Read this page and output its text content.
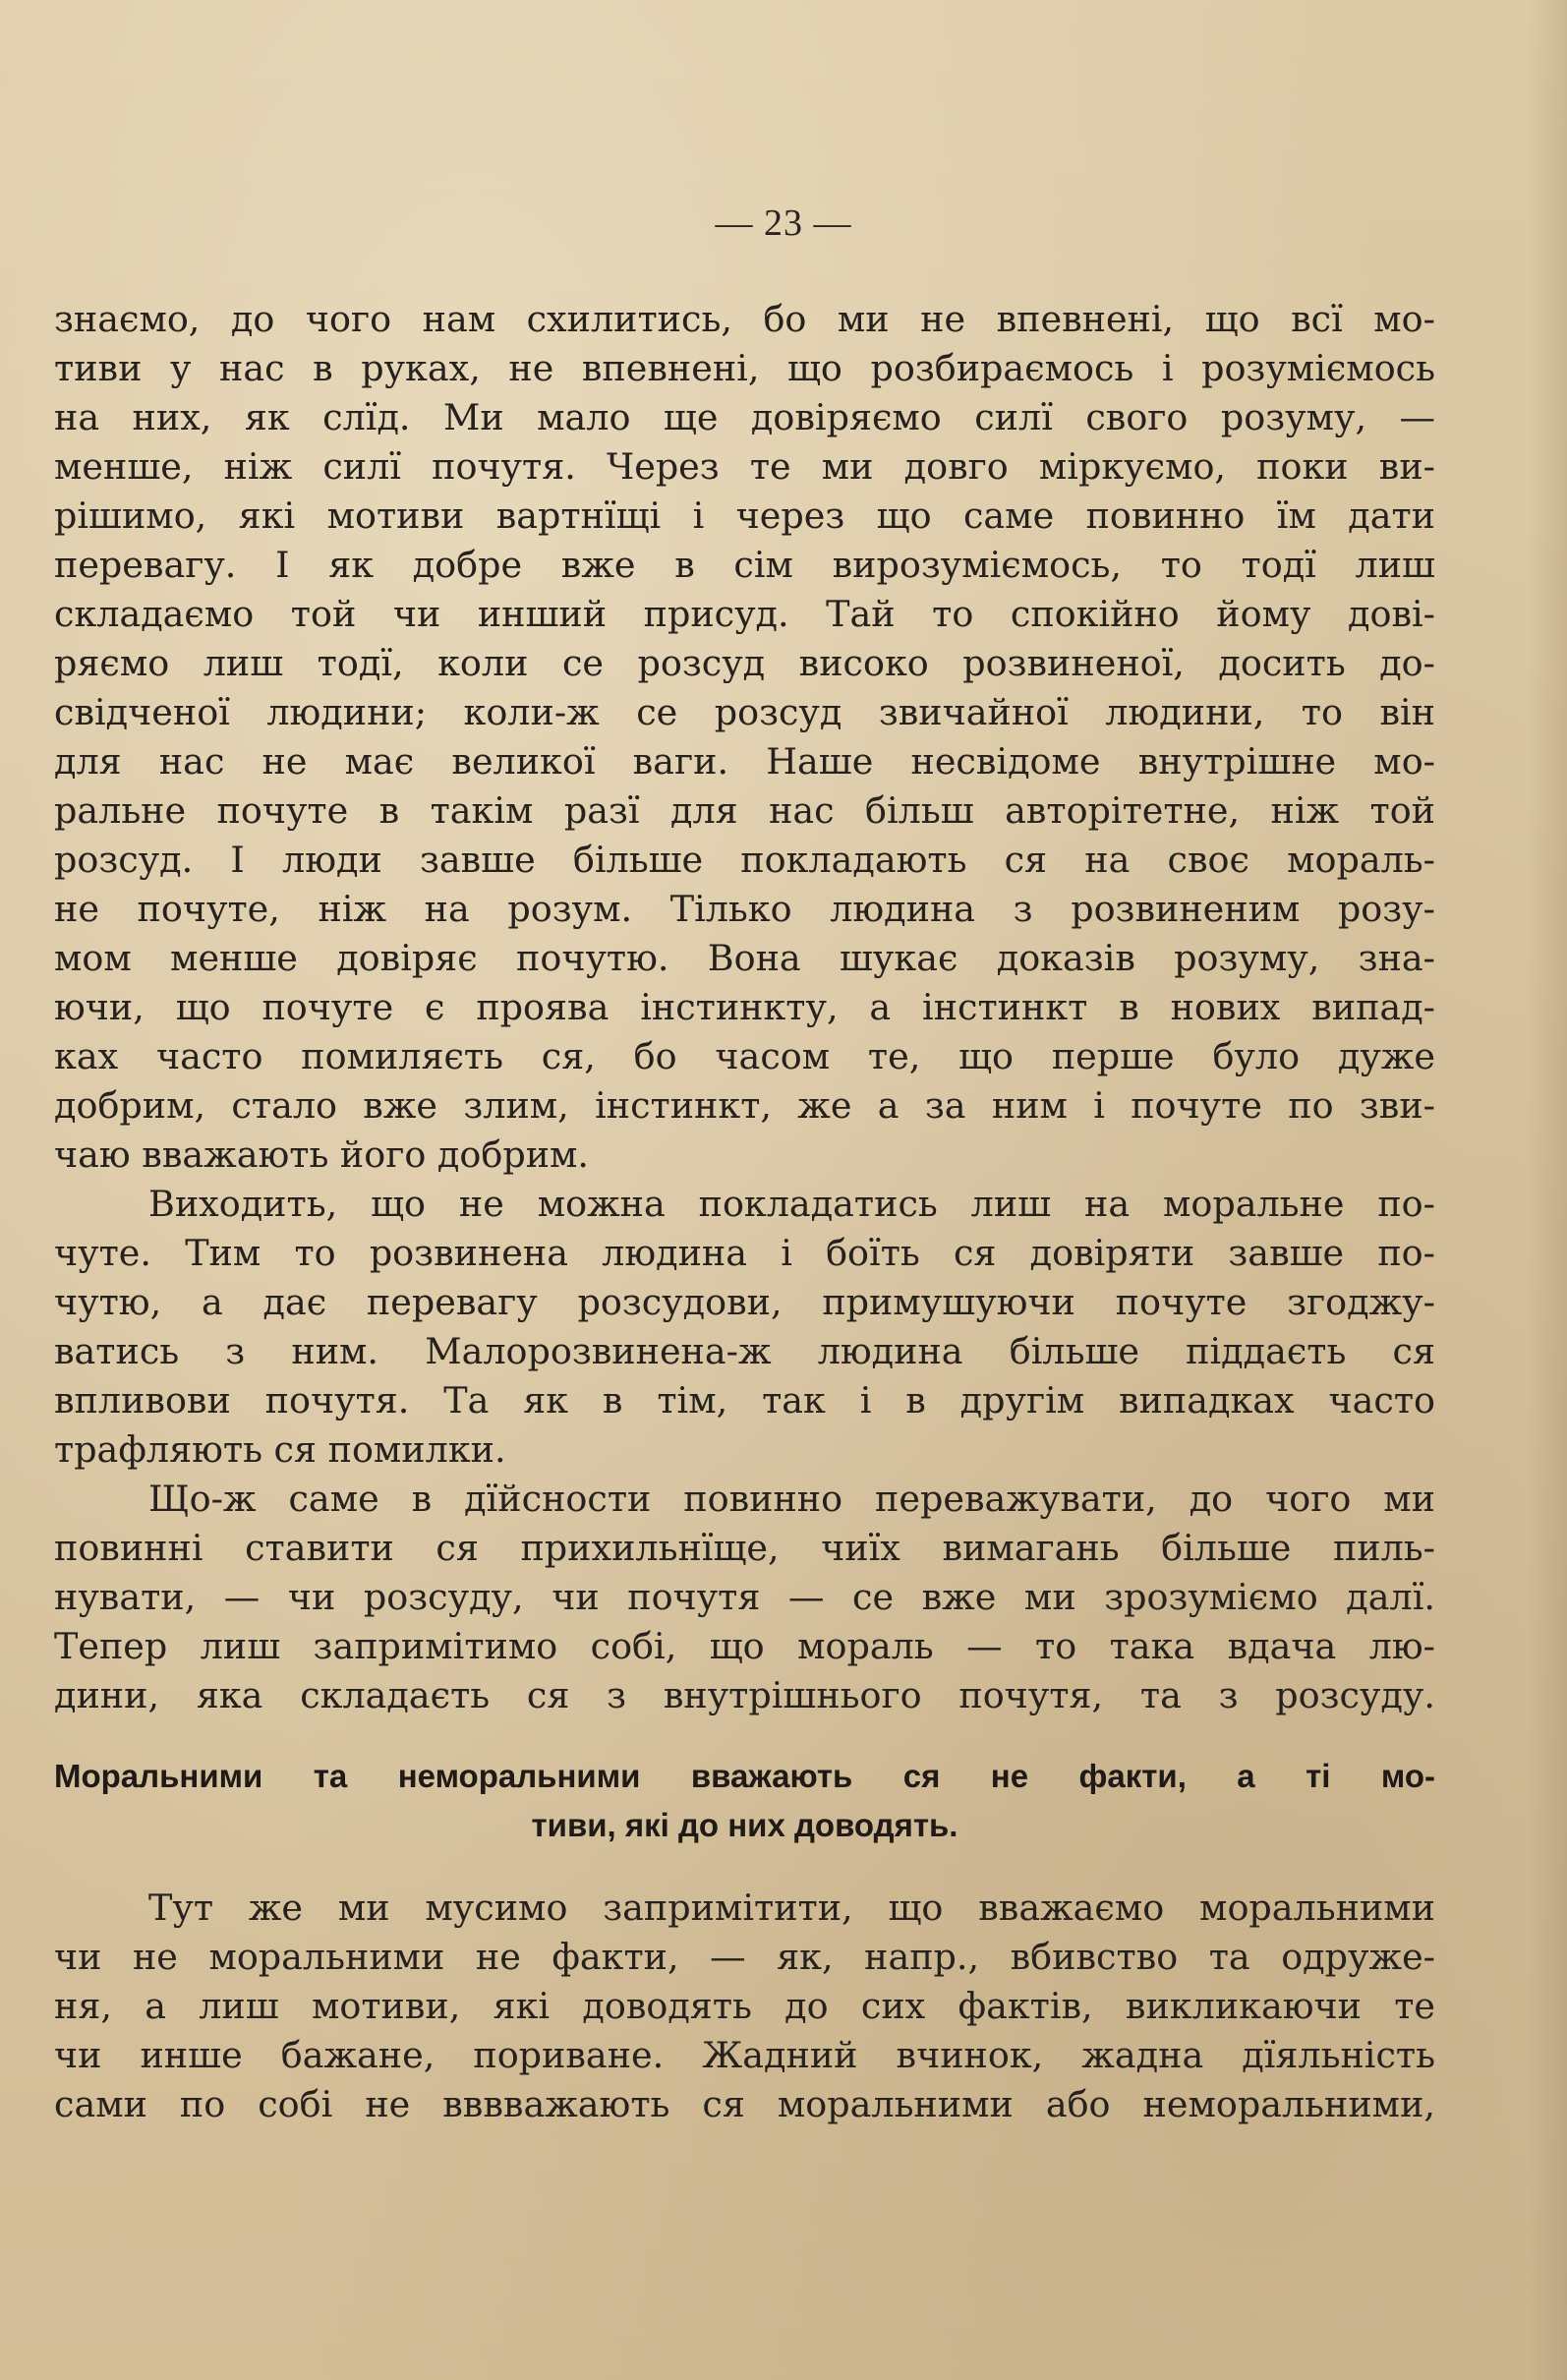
— 23 —

знаємо, до чого нам схилитись, бо ми не впевнені, що всї мо-
тиви у нас в руках, не впевнені, що розбираємось і розуміємось
на них, як слїд. Ми мало ще довіряємо силї свого розуму, —
менше, ніж силї почутя. Через те ми довго міркуємо, поки ви-
рішимо, які мотиви вартнїщі і через що саме повинно їм дати
перевагу. І як добре вже в сім вирозуміємось, то тодї лиш
складаємо той чи инший присуд. Тай то спокійно йому дові-
ряємо лиш тодї, коли се розсуд високо розвиненої, досить до-
свідченої людини; коли-ж се розсуд звичайної людини, то він
для нас не має великої ваги. Наше несвідоме внутрішне мо-
ральне почуте в такім разї для нас більш авторітетне, ніж той
розсуд. І люди завше більше покладають ся на своє мораль-
не почуте, ніж на розум. Тілько людина з розвиненим розу-
мом менше довіряє почутю. Вона шукає доказів розуму, зна-
ючи, що почуте є проява інстинкту, а інстинкт в нових випад-
ках часто помиляєть ся, бо часом те, що перше було дуже
добрим, стало вже злим, інстинкт, же а за ним і почуте по зви-
чаю вважають його добрим.

Виходить, що не можна покладатись лиш на моральне по-
чуте. Тим то розвинена людина і боїть ся довіряти завше по-
чутю, а дає перевагу розсудови, примушуючи почуте згоджу-
ватись з ним. Малорозвинена-ж людина більше піддаєть ся
впливови почутя. Та як в тім, так і в другім випадках часто
трафляють ся помилки.

Що-ж саме в дїйсности повинно переважувати, до чого ми
повинні ставити ся прихильнїще, чиїх вимагань більше пиль-
нувати, — чи розсуду, чи почутя — се вже ми зрозуміємо далї.
Тепер лиш запримітимо собі, що мораль — то така вдача лю-
дини, яка складаєть ся з внутрішнього почутя, та з розсуду.

Моральними та неморальними вважають ся не факти, а ті мо-
тиви, які до них доводять.

Тут же ми мусимо запримітити, що вважаємо моральними
чи не моральними не факти, — як, напр., вбивство та одруже-
ня, а лиш мотиви, які доводять до сих фактів, викликаючи те
чи инше бажане, пориване. Жадний вчинок, жадна дїяльність
сами по собі не вввважають ся моральними або неморальними,
